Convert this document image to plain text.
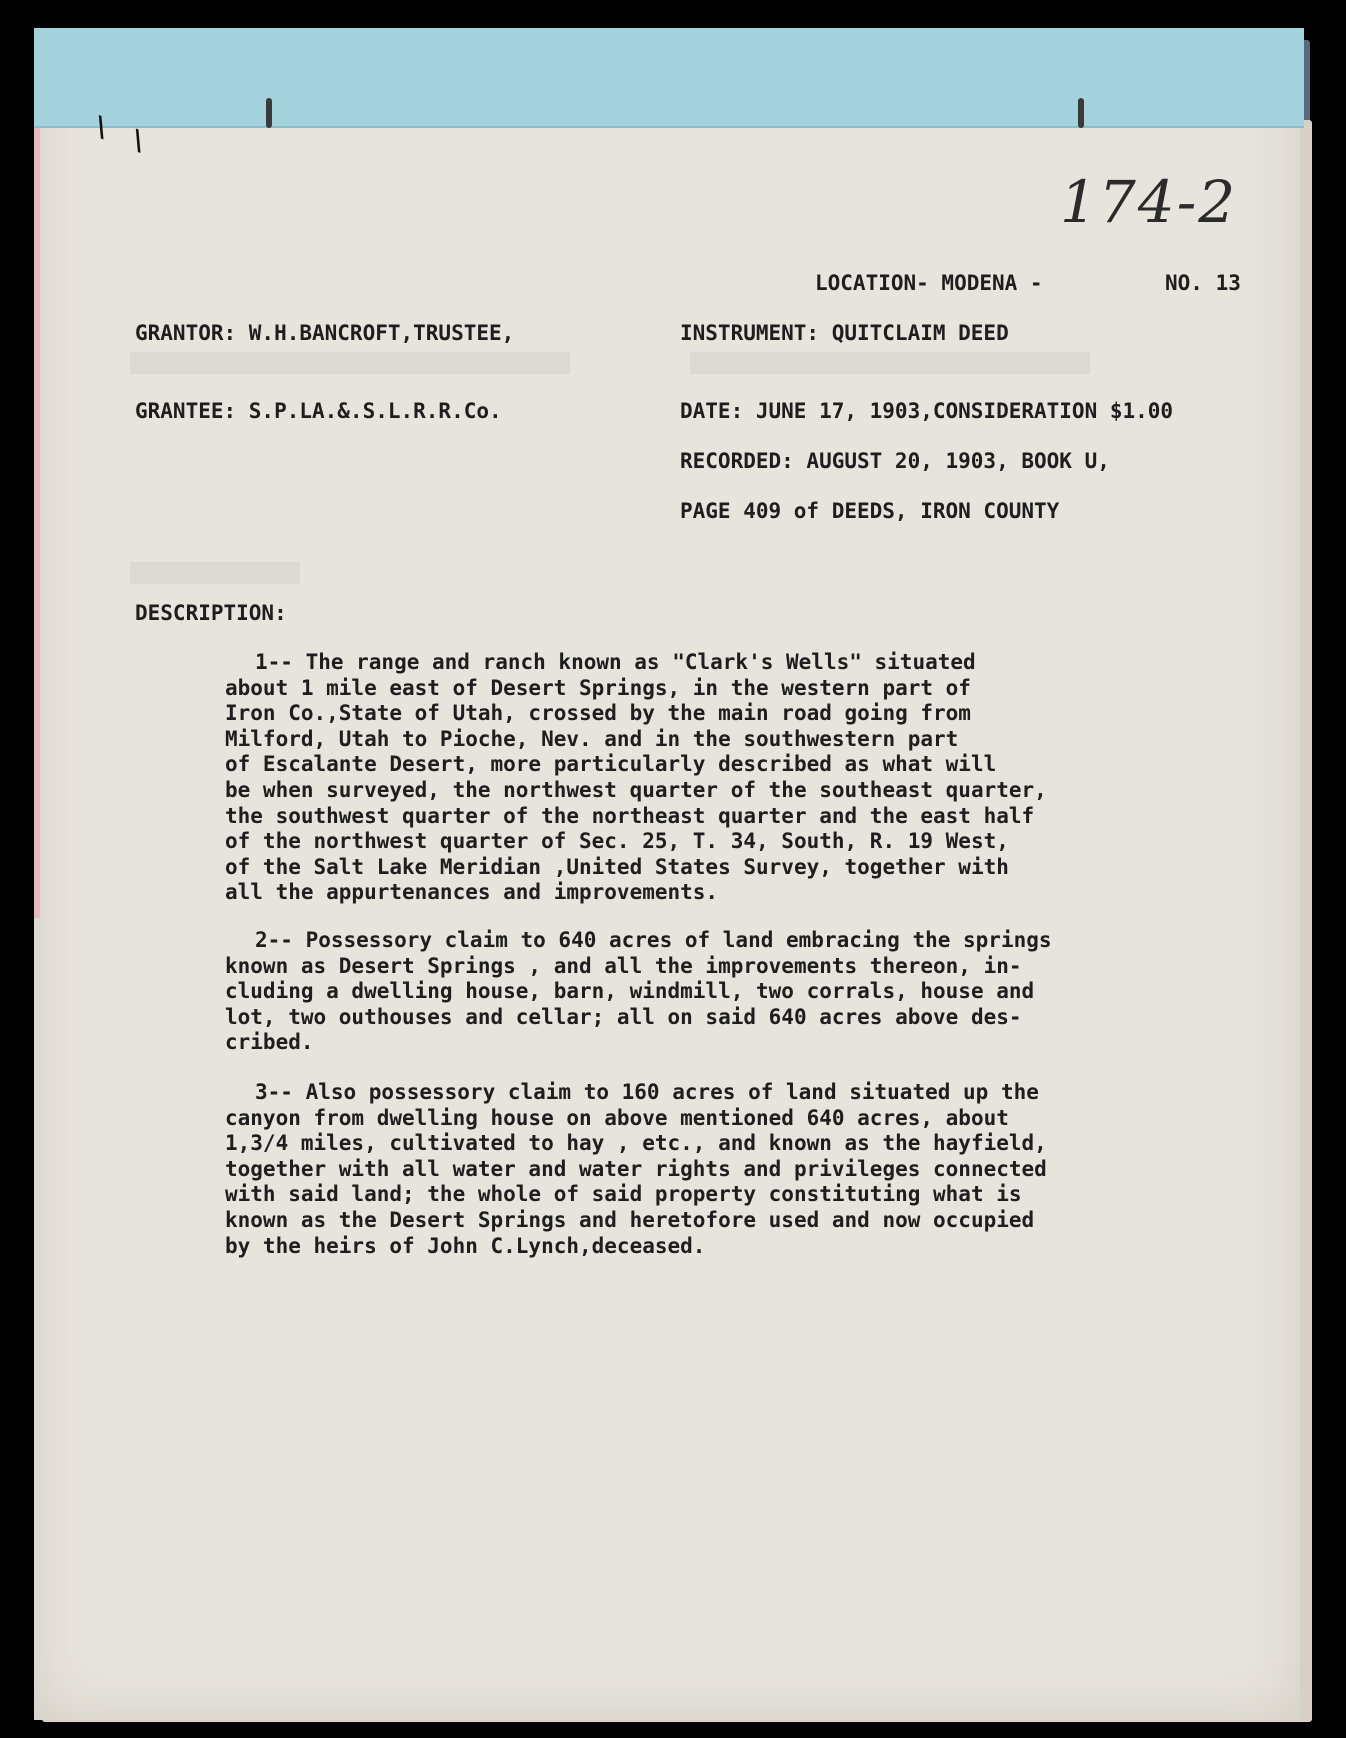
\ \
174-2
LOCATION- MODENA -	NO. 13
GRANTOR: W.H.BANCROFT,TRUSTEE,	INSTRUMENT: QUITCLAIM DEED
GRANTEE: S.P.LA.&.S.L.R.R.Co.	DATE: JUNE 17, 1903,CONSIDERATION $1.00
RECORDED: AUGUST 20, 1903, BOOK U,
PAGE 409 of DEEDS, IRON COUNTY
DESCRIPTION:
1-- The range and ranch known as "Clark's Wells" situated
about 1 mile east of Desert Springs, in the western part of
Iron Co.,State of Utah, crossed by the main road going from
Milford, Utah to Pioche, Nev. and in the southwestern part
of Escalante Desert, more particularly described as what will
be when surveyed, the northwest quarter of the southeast quarter,
the southwest quarter of the northeast quarter and the east half
of the northwest quarter of Sec. 25, T. 34, South, R. 19 West,
of the Salt Lake Meridian ,United States Survey, together with
all the appurtenances and improvements.
2-- Possessory claim to 640 acres of land embracing the springs
known as Desert Springs , and all the improvements thereon, in-
cluding a dwelling house, barn, windmill, two corrals, house and
lot, two outhouses and cellar; all on said 640 acres above des-
cribed.
3-- Also possessory claim to 160 acres of land situated up the
canyon from dwelling house on above mentioned 640 acres, about
1,3/4 miles, cultivated to hay , etc., and known as the hayfield,
together with all water and water rights and privileges connected
with said land; the whole of said property constituting what is
known as the Desert Springs and heretofore used and now occupied
by the heirs of John C.Lynch,deceased.
